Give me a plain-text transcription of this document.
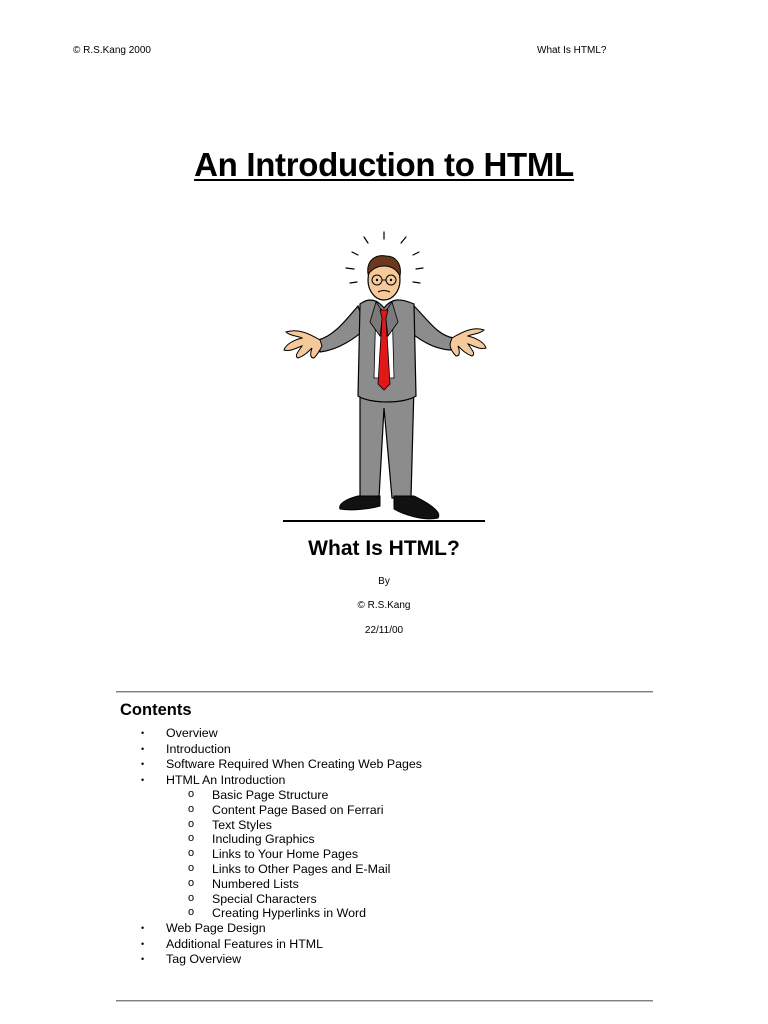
© R.S.Kang 2000	What Is HTML?
An Introduction to HTML
What Is HTML?
By
© R.S.Kang
22/11/00
Contents
• Overview
• Introduction
• Software Required When Creating Web Pages
• HTML An Introduction
o Basic Page Structure
o Content Page Based on Ferrari
o Text Styles
o Including Graphics
o Links to Your Home Pages
o Links to Other Pages and E-Mail
o Numbered Lists
o Special Characters
o Creating Hyperlinks in Word
• Web Page Design
• Additional Features in HTML
• Tag Overview
